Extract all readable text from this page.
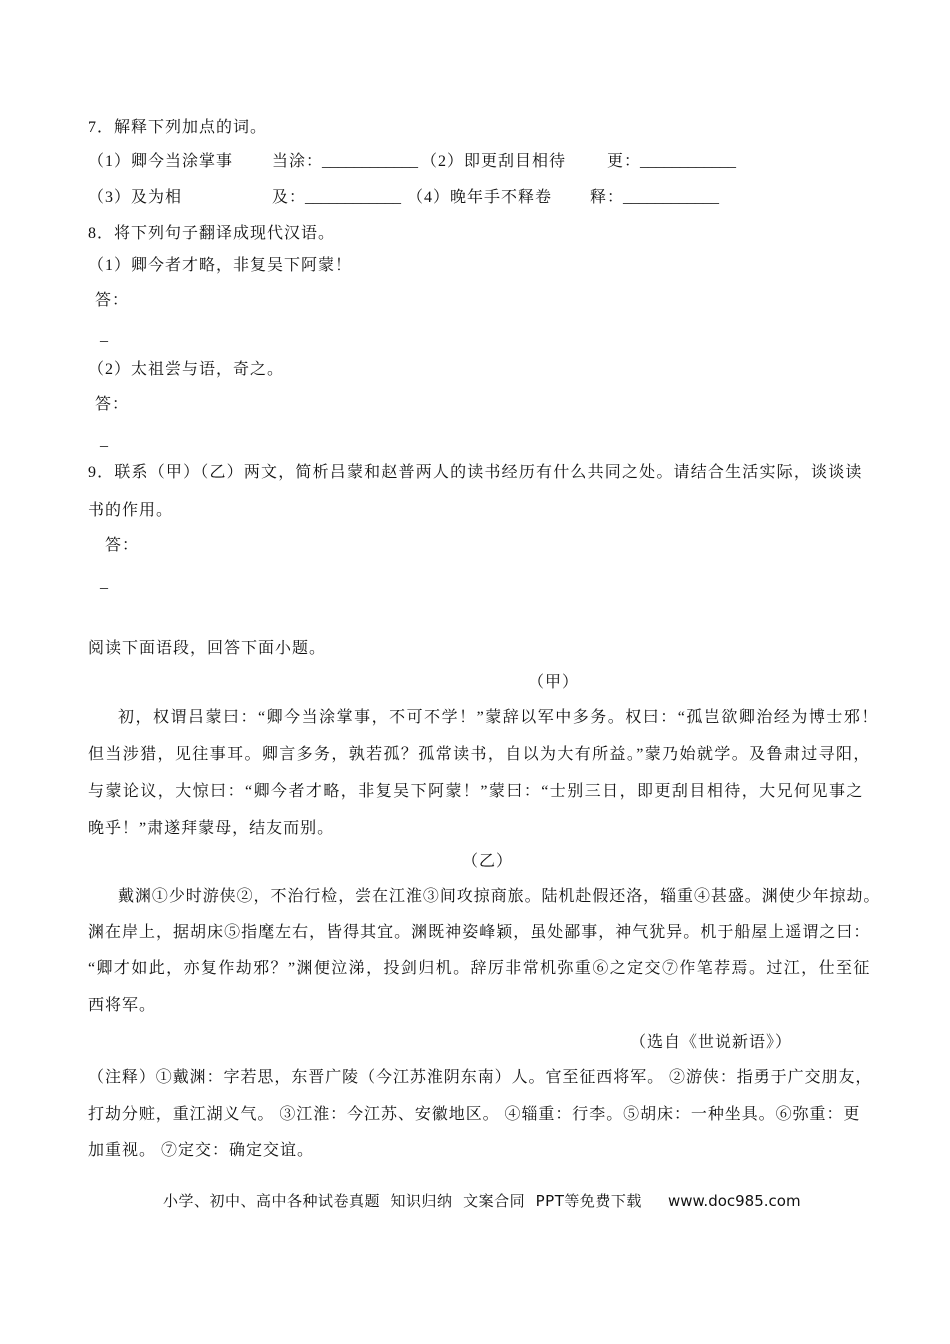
7．解释下列加点的词。
（1）卿今当涂掌事 当涂：
____________ （2）即更刮目相待	更：
____________
（3）及为相	及：
____________ （4）晚年手不释卷 释：
____________
8．将下列句子翻译成现代汉语。
（1）卿今者才略，非复吴下阿蒙！
答：
_
（2）太祖尝与语，奇之。
答：
_
9．联系（甲）（乙）两文，简析吕蒙和赵普两人的读书经历有什么共同之处。请结合生活实际，谈谈读
书的作用。
答：
_
阅读下面语段，回答下面小题。
（甲）
初，权谓吕蒙曰：“卿今当涂掌事，不可不学！”蒙辞以军中多务。权曰：“孤岂欲卿治经为博士邪！
但当涉猎，见往事耳。卿言多务，孰若孤？孤常读书，自以为大有所益。”蒙乃始就学。及鲁肃过寻阳，
与蒙论议，大惊曰：“卿今者才略，非复吴下阿蒙！”蒙曰：“士别三日，即更刮目相待，大兄何见事之
晚乎！”肃遂拜蒙母，结友而别。
（乙）
戴渊①少时游侠②，不治行检，尝在江淮③间攻掠商旅。陆机赴假还洛，辎重④甚盛。渊使少年掠劫。
渊在岸上，据胡床⑤指麾左右，皆得其宜。渊既神姿峰颖，虽处鄙事，神气犹异。机于船屋上遥谓之曰：
“卿才如此，亦复作劫邪？”渊便泣涕，投剑归机。辞厉非常机弥重⑥之定交⑦作笔荐焉。过江，仕至征
西将军。
（选自《世说新语》）
（注释）①戴渊：字若思，东晋广陵（今江苏淮阴东南）人。官至征西将军。 ②游侠：指勇于广交朋友，
打劫分赃，重江湖义气。 ③江淮：今江苏、安徽地区。 ④辎重：行李。⑤胡床：一种坐具。⑥弥重：更
加重视。 ⑦定交：确定交谊。
小学、初中、高中各种试卷真题  知识归纳  文案合同  PPT等免费下载 www.doc985.com
